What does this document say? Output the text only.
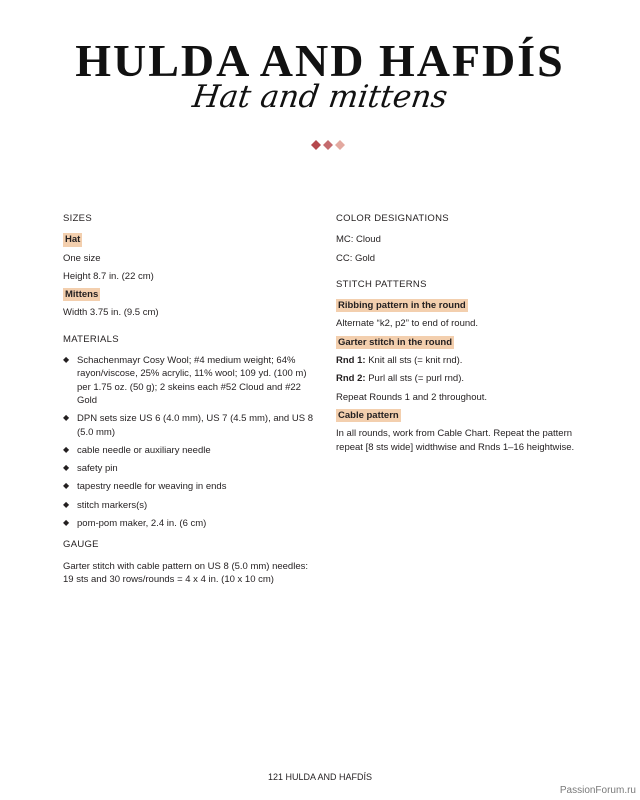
HULDA AND HAFDÍS
Hat and mittens
SIZES
Hat
One size
Height 8.7 in. (22 cm)
Mittens
Width 3.75 in. (9.5 cm)
MATERIALS
◆ Schachenmayr Cosy Wool; #4 medium weight; 64% rayon/viscose, 25% acrylic, 11% wool; 109 yd. (100 m) per 1.75 oz. (50 g); 2 skeins each #52 Cloud and #22 Gold
◆ DPN sets size US 6 (4.0 mm), US 7 (4.5 mm), and US 8 (5.0 mm)
◆ cable needle or auxiliary needle
◆ safety pin
◆ tapestry needle for weaving in ends
◆ stitch markers(s)
◆ pom-pom maker, 2.4 in. (6 cm)
GAUGE
Garter stitch with cable pattern on US 8 (5.0 mm) needles: 19 sts and 30 rows/rounds = 4 x 4 in. (10 x 10 cm)
COLOR DESIGNATIONS
MC: Cloud
CC: Gold
STITCH PATTERNS
Ribbing pattern in the round
Alternate “k2, p2” to end of round.
Garter stitch in the round
Rnd 1: Knit all sts (= knit rnd).
Rnd 2: Purl all sts (= purl rnd).
Repeat Rounds 1 and 2 throughout.
Cable pattern
In all rounds, work from Cable Chart. Repeat the pattern repeat [8 sts wide] widthwise and Rnds 1–16 heightwise.
121 HULDA AND HAFDÍS
PassionForum.ru
